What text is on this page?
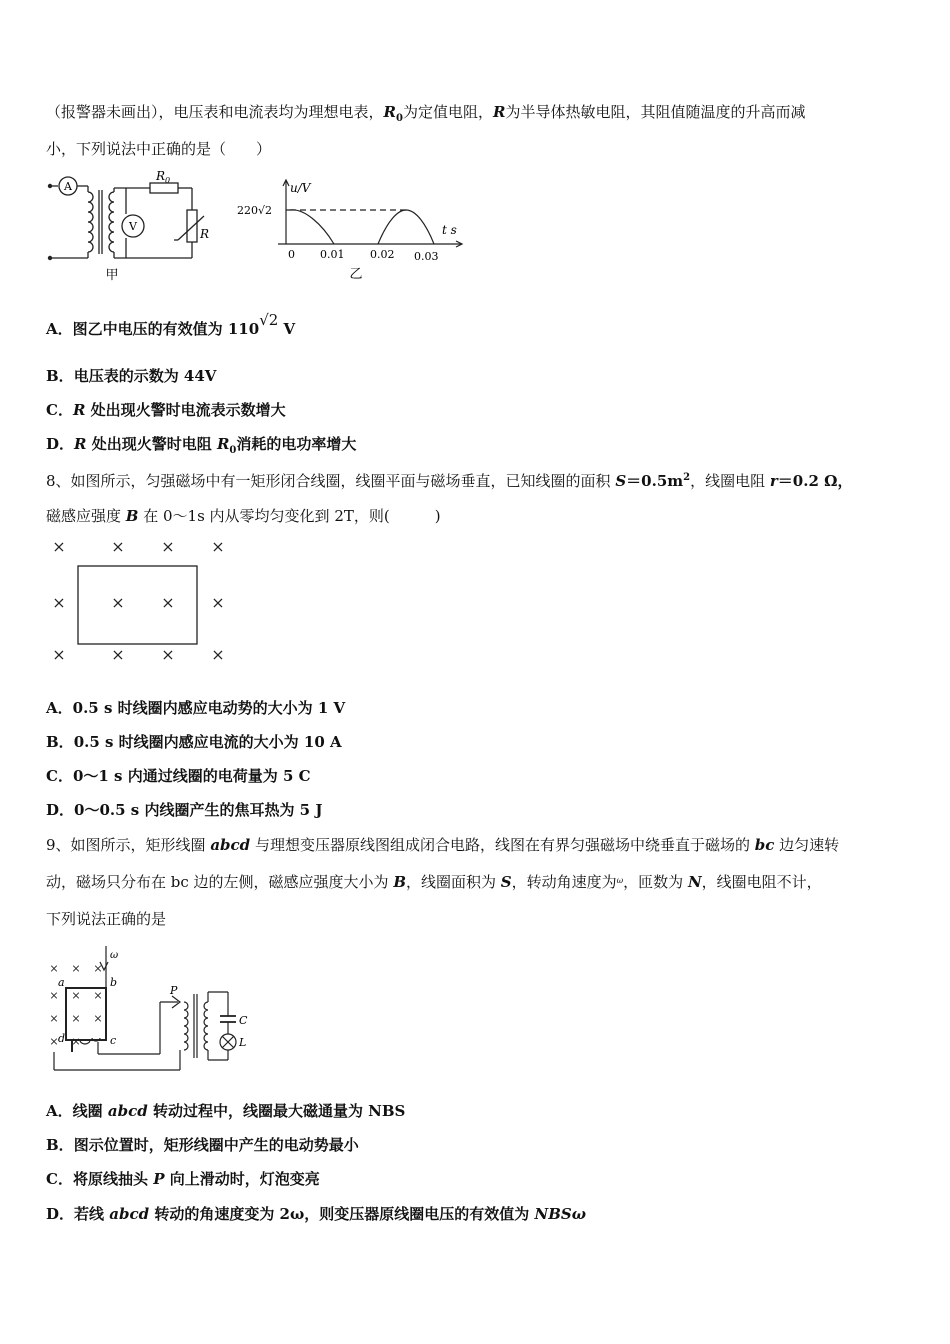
（报警器未画出），电压表和电流表均为理想电表，$R_0$为定值电阻，R为半导体热敏电阻，其阻值随温度的升高而减
小，下列说法中正确的是（　　）
A
V
$R_0$
R
甲
u/V
t s
220√2
0 0.01 0.02 0.03
乙
A．图乙中电压的有效值为 110√2 V
B．电压表的示数为 44V
C．R 处出现火警时电流表示数增大
D．R 处出现火警时电阻 $R_0$消耗的电功率增大
8、如图所示，匀强磁场中有一矩形闭合线圈，线圈平面与磁场垂直，已知线圈的面积 $S=0.5m^2$，线圈电阻 r＝0.2 Ω，
磁感应强度 B 在 0～1s 内从零均匀变化到 2T，则(　　　)
×	× × ×
×	× × ×
×	× × ×
A．0.5 s 时线圈内感应电动势的大小为 1 V
B．0.5 s 时线圈内感应电流的大小为 10 A
C．0～1 s 内通过线圈的电荷量为 5 C
D．0～0.5 s 内线圈产生的焦耳热为 5 J
9、如图所示，矩形线圈 abcd 与理想变压器原线图组成闭合电路，线图在有界匀强磁场中绕垂直于磁场的 bc 边匀速转
动，磁场只分布在 bc 边的左侧，磁感应强度大小为 B，线圈面积为 S，转动角速度为$^\omega$，匝数为 N，线圈电阻不计，
下列说法正确的是
ω
a	b
c
d
P
C
L
× × ×
× × ×
× × ×
× ×
A．线圈 abcd 转动过程中，线圈最大磁通量为 NBS
B．图示位置时，矩形线圈中产生的电动势最小
C．将原线抽头 P 向上滑动时，灯泡变亮
D．若线 abcd 转动的角速度变为 2ω，则变压器原线圈电压的有效值为 NBSω
